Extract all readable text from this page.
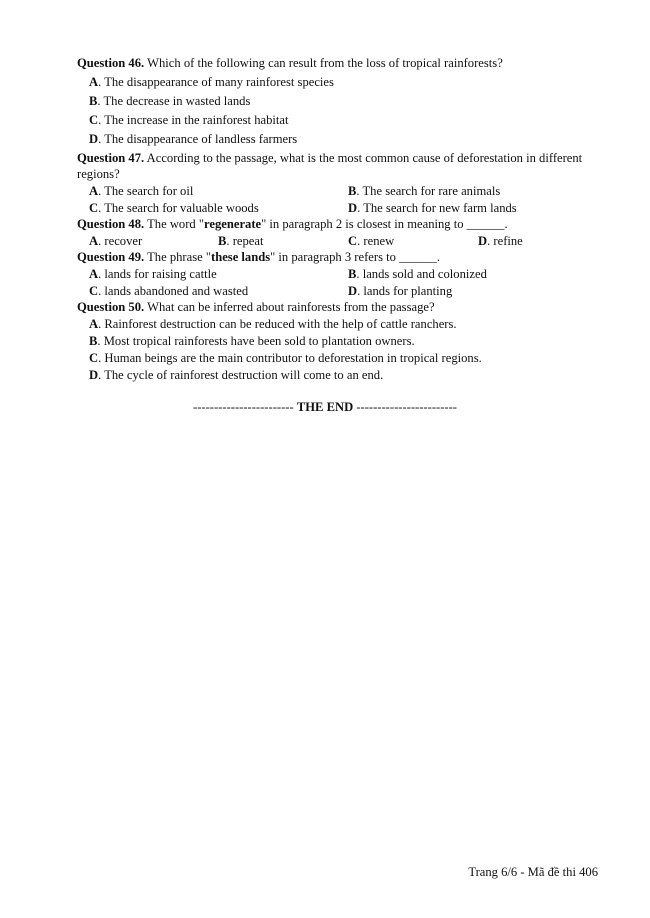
Question 46. Which of the following can result from the loss of tropical rainforests?
A. The disappearance of many rainforest species
B. The decrease in wasted lands
C. The increase in the rainforest habitat
D. The disappearance of landless farmers
Question 47. According to the passage, what is the most common cause of deforestation in different
regions?
A. The search for oil	B. The search for rare animals
C. The search for valuable woods	D. The search for new farm lands
Question 48. The word "regenerate" in paragraph 2 is closest in meaning to ______.
A. recover	B. repeat	C. renew	D. refine
Question 49. The phrase "these lands" in paragraph 3 refers to ______.
A. lands for raising cattle	B. lands sold and colonized
C. lands abandoned and wasted	D. lands for planting
Question 50. What can be inferred about rainforests from the passage?
A. Rainforest destruction can be reduced with the help of cattle ranchers.
B. Most tropical rainforests have been sold to plantation owners.
C. Human beings are the main contributor to deforestation in tropical regions.
D. The cycle of rainforest destruction will come to an end.
------------------------ THE END ------------------------
Trang 6/6 - Mã đề thi 406
